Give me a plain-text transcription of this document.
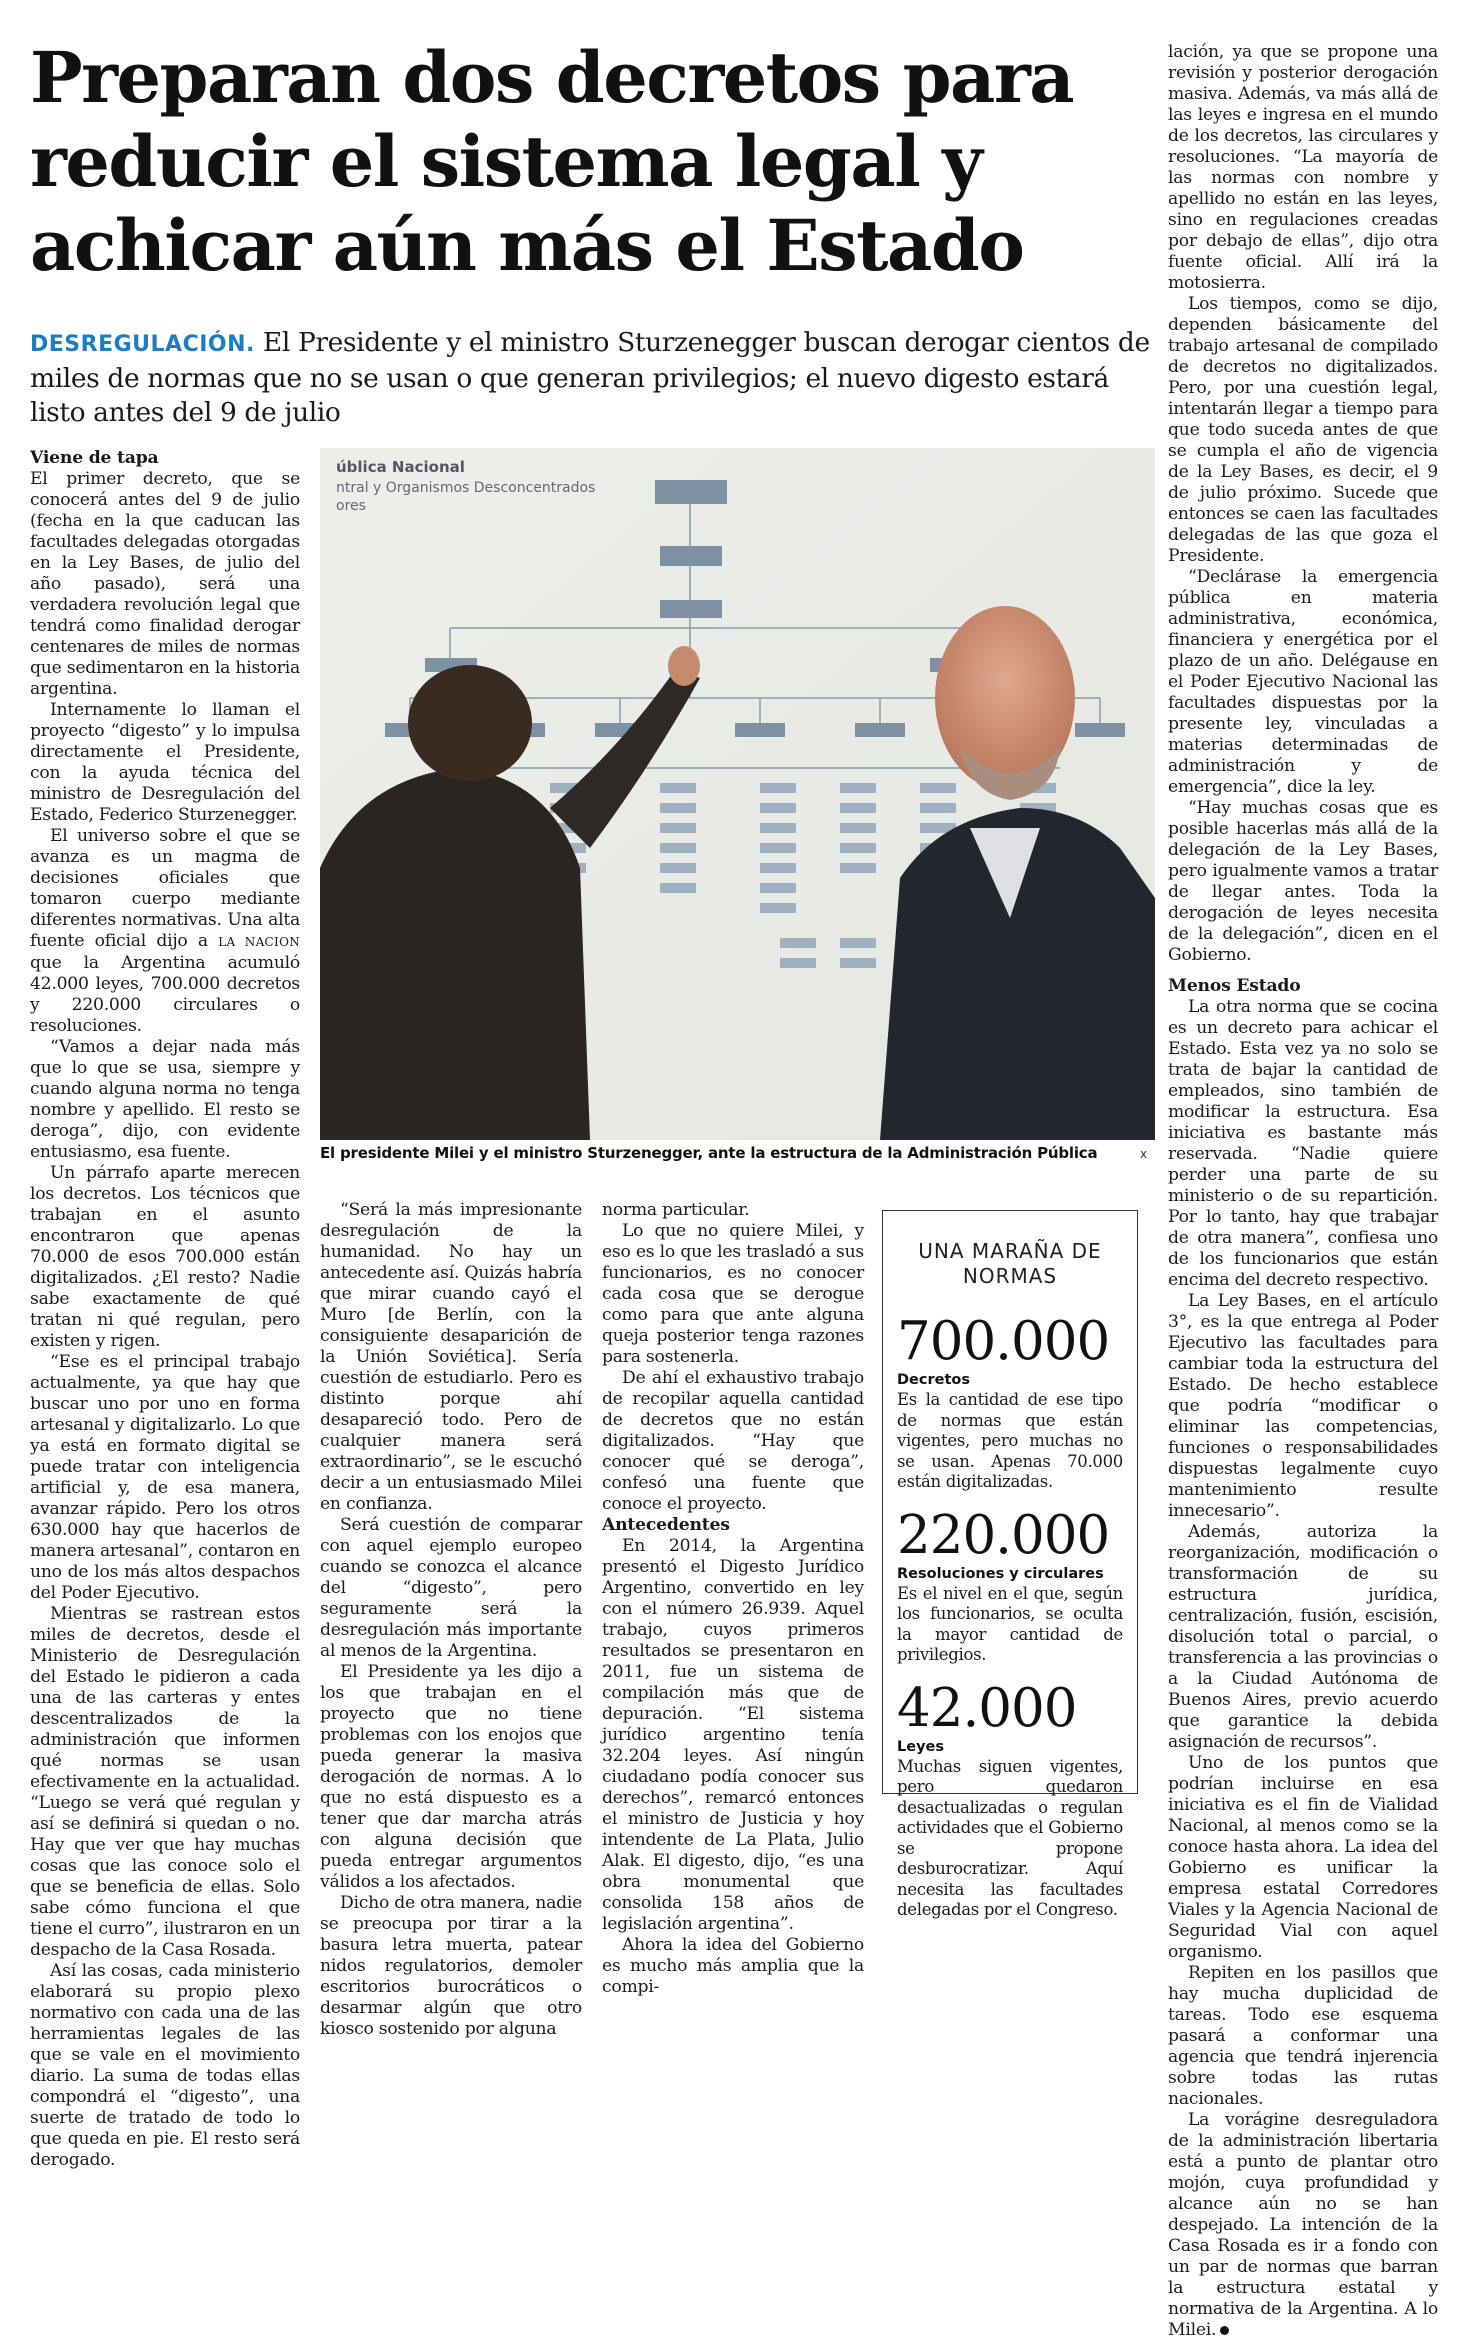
Preparan dos decretos para reducir el sistema legal y achicar aún más el Estado

DESREGULACIÓN. El Presidente y el ministro Sturzenegger buscan derogar cientos de miles de normas que no se usan o que generan privilegios; el nuevo digesto estará listo antes del 9 de julio

Viene de tapa

El primer decreto, que se conocerá antes del 9 de julio (fecha en la que caducan las facultades delegadas otorgadas en la Ley Bases, de julio del año pasado), será una verdadera revolución legal que tendrá como finalidad derogar centenares de miles de normas que sedimentaron en la historia argentina.

Internamente lo llaman el proyecto “digesto” y lo impulsa directamente el Presidente, con la ayuda técnica del ministro de Desregulación del Estado, Federico Sturzenegger.

El universo sobre el que se avanza es un magma de decisiones oficiales que tomaron cuerpo mediante diferentes normativas. Una alta fuente oficial dijo a LA NACION que la Argentina acumuló 42.000 leyes, 700.000 decretos y 220.000 circulares o resoluciones.

“Vamos a dejar nada más que lo que se usa, siempre y cuando alguna norma no tenga nombre y apellido. El resto se deroga”, dijo, con evidente entusiasmo, esa fuente.

Un párrafo aparte merecen los decretos. Los técnicos que trabajan en el asunto encontraron que apenas 70.000 de esos 700.000 están digitalizados. ¿El resto? Nadie sabe exactamente de qué tratan ni qué regulan, pero existen y rigen.

“Ese es el principal trabajo actualmente, ya que hay que buscar uno por uno en forma artesanal y digitalizarlo. Lo que ya está en formato digital se puede tratar con inteligencia artificial y, de esa manera, avanzar rápido. Pero los otros 630.000 hay que hacerlos de manera artesanal”, contaron en uno de los más altos despachos del Poder Ejecutivo.

Mientras se rastrean estos miles de decretos, desde el Ministerio de Desregulación del Estado le pidieron a cada una de las carteras y entes descentralizados de la administración que informen qué normas se usan efectivamente en la actualidad. “Luego se verá qué regulan y así se definirá si quedan o no. Hay que ver que hay muchas cosas que las conoce solo el que se beneficia de ellas. Solo sabe cómo funciona el que tiene el curro”, ilustraron en un despacho de la Casa Rosada.

Así las cosas, cada ministerio elaborará su propio plexo normativo con cada una de las herramientas legales de las que se vale en el movimiento diario. La suma de todas ellas compondrá el “digesto”, una suerte de tratado de todo lo que queda en pie. El resto será derogado.

ública Nacional
ntral y Organismos Desconcentrados
ores

El presidente Milei y el ministro Sturzenegger, ante la estructura de la Administración Pública	x

“Será la más impresionante desregulación de la humanidad. No hay un antecedente así. Quizás habría que mirar cuando cayó el Muro [de Berlín, con la consiguiente desaparición de la Unión Soviética]. Sería cuestión de estudiarlo. Pero es distinto porque ahí desapareció todo. Pero de cualquier manera será extraordinario”, se le escuchó decir a un entusiasmado Milei en confianza.

Será cuestión de comparar con aquel ejemplo europeo cuando se conozca el alcance del “digesto”, pero seguramente será la desregulación más importante al menos de la Argentina.

El Presidente ya les dijo a los que trabajan en el proyecto que no tiene problemas con los enojos que pueda generar la masiva derogación de normas. A lo que no está dispuesto es a tener que dar marcha atrás con alguna decisión que pueda entregar argumentos válidos a los afectados.

Dicho de otra manera, nadie se preocupa por tirar a la basura letra muerta, patear nidos regulatorios, demoler escritorios burocráticos o desarmar algún que otro kiosco sostenido por alguna

norma particular.

Lo que no quiere Milei, y eso es lo que les trasladó a sus funcionarios, es no conocer cada cosa que se derogue como para que ante alguna queja posterior tenga razones para sostenerla.

De ahí el exhaustivo trabajo de recopilar aquella cantidad de decretos que no están digitalizados. “Hay que conocer qué se deroga”, confesó una fuente que conoce el proyecto.

Antecedentes

En 2014, la Argentina presentó el Digesto Jurídico Argentino, convertido en ley con el número 26.939. Aquel trabajo, cuyos primeros resultados se presentaron en 2011, fue un sistema de compilación más que de depuración. “El sistema jurídico argentino tenía 32.204 leyes. Así ningún ciudadano podía conocer sus derechos”, remarcó entonces el ministro de Justicia y hoy intendente de La Plata, Julio Alak. El digesto, dijo, “es una obra monumental que consolida 158 años de legislación argentina”.

Ahora la idea del Gobierno es mucho más amplia que la compi-

UNA MARAÑA DE NORMAS

700.000

Decretos

Es la cantidad de ese tipo de normas que están vigentes, pero muchas no se usan. Apenas 70.000 están digitalizadas.

220.000

Resoluciones y circulares

Es el nivel en el que, según los funcionarios, se oculta la mayor cantidad de privilegios.

42.000

Leyes

Muchas siguen vigentes, pero quedaron desactualizadas o regulan actividades que el Gobierno se propone desburocratizar. Aquí necesita las facultades delegadas por el Congreso.

lación, ya que se propone una revisión y posterior derogación masiva. Además, va más allá de las leyes e ingresa en el mundo de los decretos, las circulares y resoluciones. “La mayoría de las normas con nombre y apellido no están en las leyes, sino en regulaciones creadas por debajo de ellas”, dijo otra fuente oficial. Allí irá la motosierra.

Los tiempos, como se dijo, dependen básicamente del trabajo artesanal de compilado de decretos no digitalizados. Pero, por una cuestión legal, intentarán llegar a tiempo para que todo suceda antes de que se cumpla el año de vigencia de la Ley Bases, es decir, el 9 de julio próximo. Sucede que entonces se caen las facultades delegadas de las que goza el Presidente.

“Declárase la emergencia pública en materia administrativa, económica, financiera y energética por el plazo de un año. Delégause en el Poder Ejecutivo Nacional las facultades dispuestas por la presente ley, vinculadas a materias determinadas de administración y de emergencia”, dice la ley.

“Hay muchas cosas que es posible hacerlas más allá de la delegación de la Ley Bases, pero igualmente vamos a tratar de llegar antes. Toda la derogación de leyes necesita de la delegación”, dicen en el Gobierno.

Menos Estado

La otra norma que se cocina es un decreto para achicar el Estado. Esta vez ya no solo se trata de bajar la cantidad de empleados, sino también de modificar la estructura. Esa iniciativa es bastante más reservada. “Nadie quiere perder una parte de su ministerio o de su repartición. Por lo tanto, hay que trabajar de otra manera”, confiesa uno de los funcionarios que están encima del decreto respectivo.

La Ley Bases, en el artículo 3°, es la que entrega al Poder Ejecutivo las facultades para cambiar toda la estructura del Estado. De hecho establece que podría “modificar o eliminar las competencias, funciones o responsabilidades dispuestas legalmente cuyo mantenimiento resulte innecesario”.

Además, autoriza la reorganización, modificación o transformación de su estructura jurídica, centralización, fusión, escisión, disolución total o parcial, o transferencia a las provincias o a la Ciudad Autónoma de Buenos Aires, previo acuerdo que garantice la debida asignación de recursos”.

Uno de los puntos que podrían incluirse en esa iniciativa es el fin de Vialidad Nacional, al menos como se la conoce hasta ahora. La idea del Gobierno es unificar la empresa estatal Corredores Viales y la Agencia Nacional de Seguridad Vial con aquel organismo.

Repiten en los pasillos que hay mucha duplicidad de tareas. Todo ese esquema pasará a conformar una agencia que tendrá injerencia sobre todas las rutas nacionales.

La vorágine desreguladora de la administración libertaria está a punto de plantar otro mojón, cuya profundidad y alcance aún no se han despejado. La intención de la Casa Rosada es ir a fondo con un par de normas que barran la estructura estatal y normativa de la Argentina. A lo Milei.
